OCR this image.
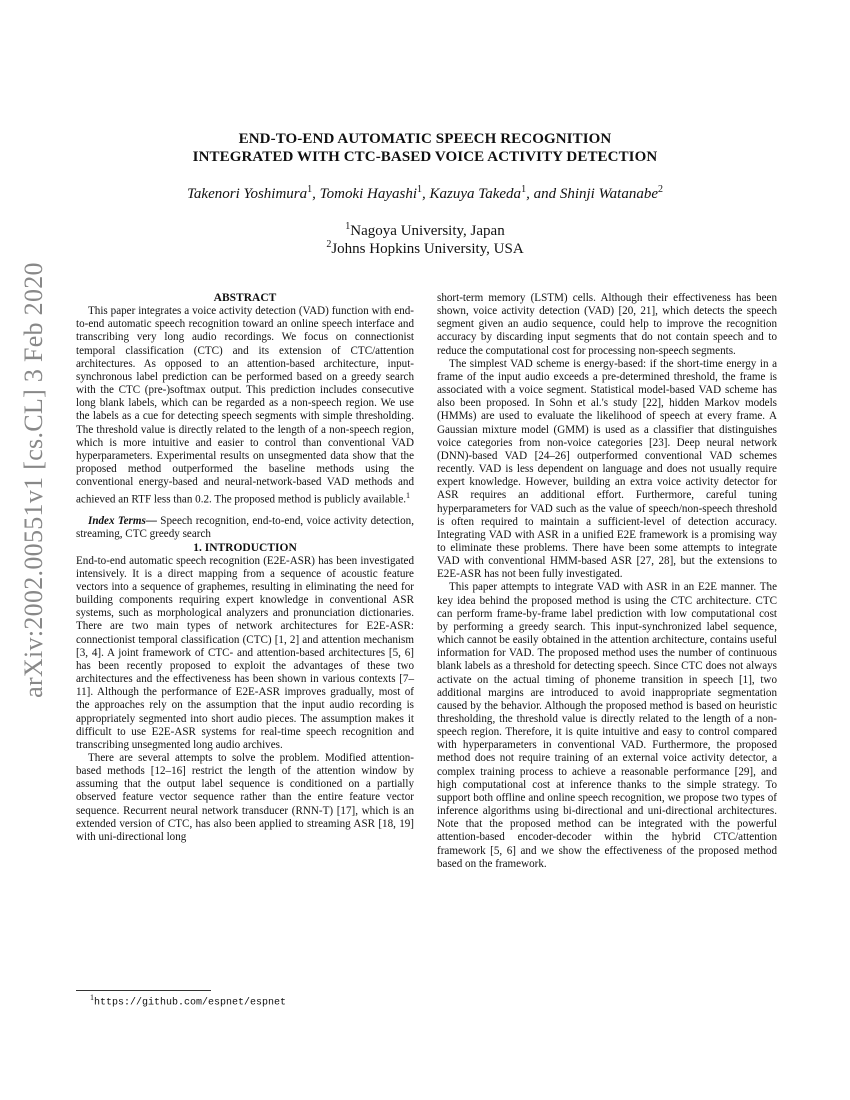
arXiv:2002.00551v1 [cs.CL] 3 Feb 2020
END-TO-END AUTOMATIC SPEECH RECOGNITION
INTEGRATED WITH CTC-BASED VOICE ACTIVITY DETECTION
Takenori Yoshimura$^1$, Tomoki Hayashi$^1$, Kazuya Takeda$^1$, and Shinji Watanabe$^2$
$^1$Nagoya University, Japan
$^2$Johns Hopkins University, USA

ABSTRACT

This paper integrates a voice activity detection (VAD) function with end-to-end automatic speech recognition toward an online speech interface and transcribing very long audio recordings. We focus on connectionist temporal classification (CTC) and its extension of CTC/attention architectures. As opposed to an attention-based architecture, input-synchronous label prediction can be performed based on a greedy search with the CTC (pre-)softmax output. This prediction includes consecutive long blank labels, which can be regarded as a non-speech region. We use the labels as a cue for detecting speech segments with simple thresholding. The threshold value is directly related to the length of a non-speech region, which is more intuitive and easier to control than conventional VAD hyperparameters. Experimental results on unsegmented data show that the proposed method outperformed the baseline methods using the conventional energy-based and neural-network-based VAD methods and achieved an RTF less than 0.2. The proposed method is publicly available.$^1$

Index Terms— Speech recognition, end-to-end, voice activity detection, streaming, CTC greedy search

1. INTRODUCTION

End-to-end automatic speech recognition (E2E-ASR) has been investigated intensively. It is a direct mapping from a sequence of acoustic feature vectors into a sequence of graphemes, resulting in eliminating the need for building components requiring expert knowledge in conventional ASR systems, such as morphological analyzers and pronunciation dictionaries. There are two main types of network architectures for E2E-ASR: connectionist temporal classification (CTC) [1, 2] and attention mechanism [3, 4]. A joint framework of CTC- and attention-based architectures [5, 6] has been recently proposed to exploit the advantages of these two architectures and the effectiveness has been shown in various contexts [7–11]. Although the performance of E2E-ASR improves gradually, most of the approaches rely on the assumption that the input audio recording is appropriately segmented into short audio pieces. The assumption makes it difficult to use E2E-ASR systems for real-time speech recognition and transcribing unsegmented long audio archives.

There are several attempts to solve the problem. Modified attention-based methods [12–16] restrict the length of the attention window by assuming that the output label sequence is conditioned on a partially observed feature vector sequence rather than the entire feature vector sequence. Recurrent neural network transducer (RNN-T) [17], which is an extended version of CTC, has also been applied to streaming ASR [18, 19] with uni-directional long

short-term memory (LSTM) cells. Although their effectiveness has been shown, voice activity detection (VAD) [20, 21], which detects the speech segment given an audio sequence, could help to improve the recognition accuracy by discarding input segments that do not contain speech and to reduce the computational cost for processing non-speech segments.

The simplest VAD scheme is energy-based: if the short-time energy in a frame of the input audio exceeds a pre-determined threshold, the frame is associated with a voice segment. Statistical model-based VAD scheme has also been proposed. In Sohn et al.'s study [22], hidden Markov models (HMMs) are used to evaluate the likelihood of speech at every frame. A Gaussian mixture model (GMM) is used as a classifier that distinguishes voice categories from non-voice categories [23]. Deep neural network (DNN)-based VAD [24–26] outperformed conventional VAD schemes recently. VAD is less dependent on language and does not usually require expert knowledge. However, building an extra voice activity detector for ASR requires an additional effort. Furthermore, careful tuning hyperparameters for VAD such as the value of speech/non-speech threshold is often required to maintain a sufficient-level of detection accuracy. Integrating VAD with ASR in a unified E2E framework is a promising way to eliminate these problems. There have been some attempts to integrate VAD with conventional HMM-based ASR [27, 28], but the extensions to E2E-ASR has not been fully investigated.

This paper attempts to integrate VAD with ASR in an E2E manner. The key idea behind the proposed method is using the CTC architecture. CTC can perform frame-by-frame label prediction with low computational cost by performing a greedy search. This input-synchronized label sequence, which cannot be easily obtained in the attention architecture, contains useful information for VAD. The proposed method uses the number of continuous blank labels as a threshold for detecting speech. Since CTC does not always activate on the actual timing of phoneme transition in speech [1], two additional margins are introduced to avoid inappropriate segmentation caused by the behavior. Although the proposed method is based on heuristic thresholding, the threshold value is directly related to the length of a non-speech region. Therefore, it is quite intuitive and easy to control compared with hyperparameters in conventional VAD. Furthermore, the proposed method does not require training of an external voice activity detector, a complex training process to achieve a reasonable performance [29], and high computational cost at inference thanks to the simple strategy. To support both offline and online speech recognition, we propose two types of inference algorithms using bi-directional and uni-directional architectures. Note that the proposed method can be integrated with the powerful attention-based encoder-decoder within the hybrid CTC/attention framework [5, 6] and we show the effectiveness of the proposed method based on the framework.

$^1$https://github.com/espnet/espnet
